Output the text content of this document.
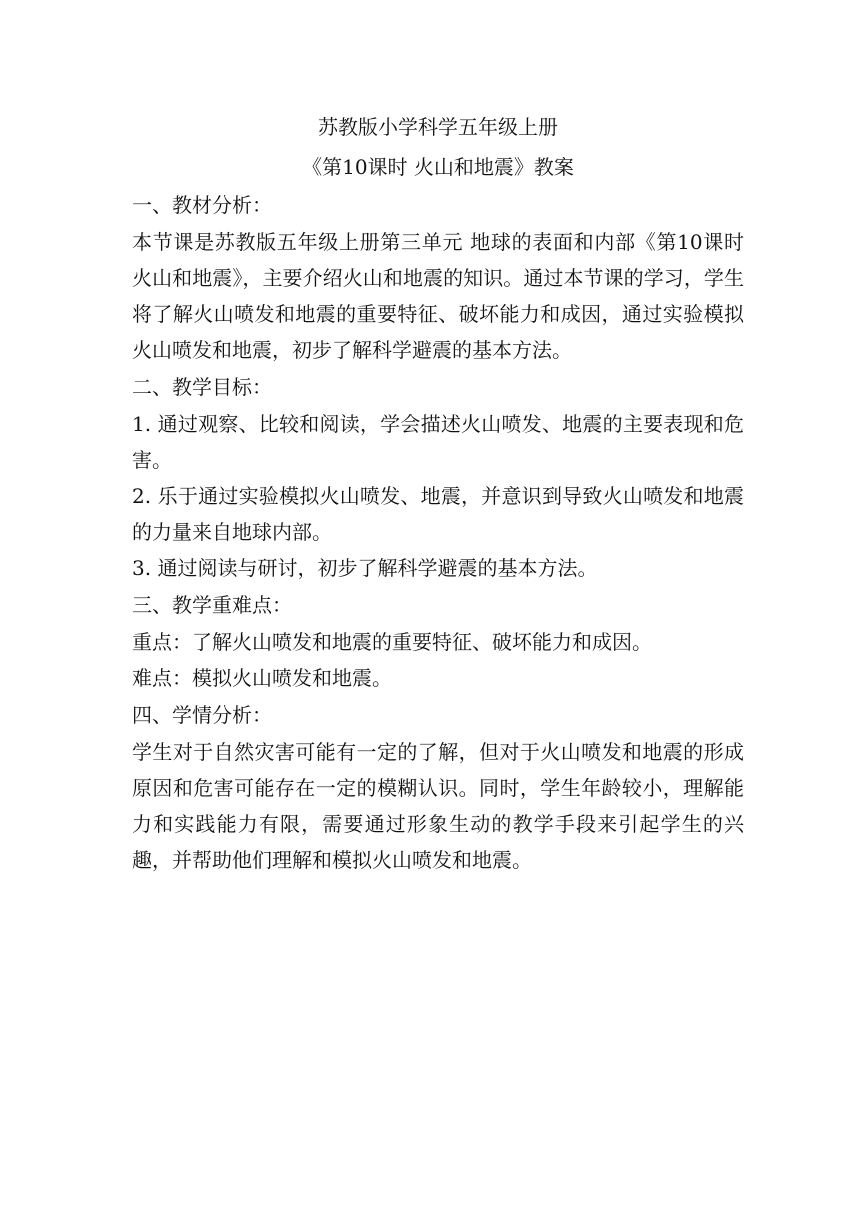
苏教版小学科学五年级上册
《第10课时 火山和地震》教案

一、教材分析：

本节课是苏教版五年级上册第三单元 地球的表面和内部《第10课时 火山和地震》，主要介绍火山和地震的知识。通过本节课的学习，学生将了解火山喷发和地震的重要特征、破坏能力和成因，通过实验模拟火山喷发和地震，初步了解科学避震的基本方法。

二、教学目标：

1. 通过观察、比较和阅读，学会描述火山喷发、地震的主要表现和危害。

2. 乐于通过实验模拟火山喷发、地震，并意识到导致火山喷发和地震的力量来自地球内部。

3. 通过阅读与研讨，初步了解科学避震的基本方法。

三、教学重难点：

重点：了解火山喷发和地震的重要特征、破坏能力和成因。

难点：模拟火山喷发和地震。

四、学情分析：

学生对于自然灾害可能有一定的了解，但对于火山喷发和地震的形成原因和危害可能存在一定的模糊认识。同时，学生年龄较小，理解能力和实践能力有限，需要通过形象生动的教学手段来引起学生的兴趣，并帮助他们理解和模拟火山喷发和地震。
